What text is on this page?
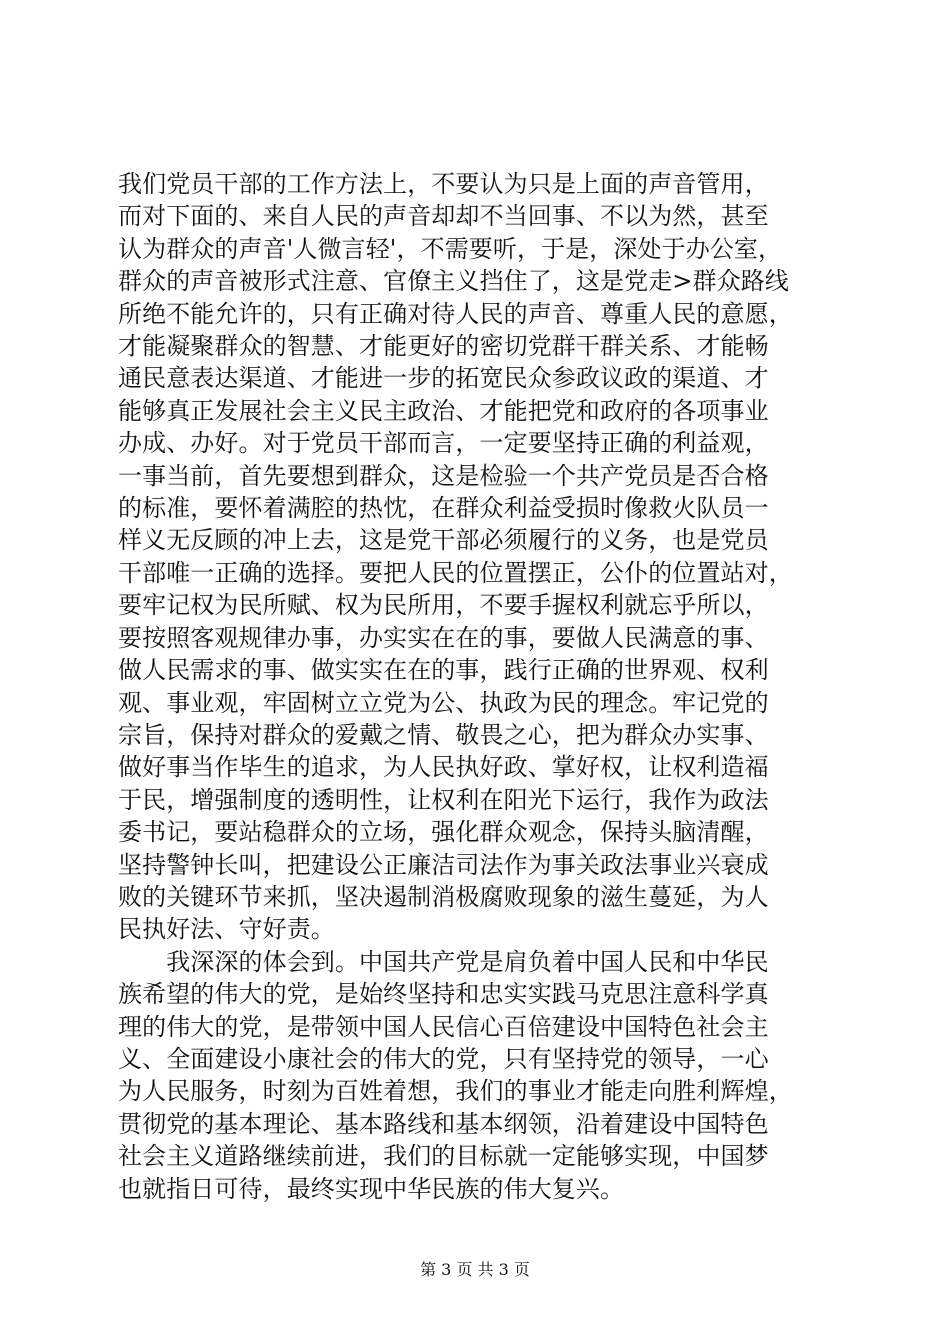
我们党员干部的工作方法上，不要认为只是上面的声音管用，
而对下面的、来自人民的声音却却不当回事、不以为然，甚至
认为群众的声音'人微言轻'，不需要听，于是，深处于办公室，
群众的声音被形式注意、官僚主义挡住了，这是党走>群众路线
所绝不能允许的，只有正确对待人民的声音、尊重人民的意愿，
才能凝聚群众的智慧、才能更好的密切党群干群关系、才能畅
通民意表达渠道、才能进一步的拓宽民众参政议政的渠道、才
能够真正发展社会主义民主政治、才能把党和政府的各项事业
办成、办好。对于党员干部而言，一定要坚持正确的利益观，
一事当前，首先要想到群众，这是检验一个共产党员是否合格
的标准，要怀着满腔的热忱，在群众利益受损时像救火队员一
样义无反顾的冲上去，这是党干部必须履行的义务，也是党员
干部唯一正确的选择。要把人民的位置摆正，公仆的位置站对，
要牢记权为民所赋、权为民所用，不要手握权利就忘乎所以，
要按照客观规律办事，办实实在在的事，要做人民满意的事、
做人民需求的事、做实实在在的事，践行正确的世界观、权利
观、事业观，牢固树立立党为公、执政为民的理念。牢记党的
宗旨，保持对群众的爱戴之情、敬畏之心，把为群众办实事、
做好事当作毕生的追求，为人民执好政、掌好权，让权利造福
于民，增强制度的透明性，让权利在阳光下运行，我作为政法
委书记，要站稳群众的立场，强化群众观念，保持头脑清醒，
坚持警钟长叫，把建设公正廉洁司法作为事关政法事业兴衰成
败的关键环节来抓，坚决遏制消极腐败现象的滋生蔓延，为人
民执好法、守好责。
　　我深深的体会到。中国共产党是肩负着中国人民和中华民
族希望的伟大的党，是始终坚持和忠实实践马克思注意科学真
理的伟大的党，是带领中国人民信心百倍建设中国特色社会主
义、全面建设小康社会的伟大的党，只有坚持党的领导，一心
为人民服务，时刻为百姓着想，我们的事业才能走向胜利辉煌，
贯彻党的基本理论、基本路线和基本纲领，沿着建设中国特色
社会主义道路继续前进，我们的目标就一定能够实现，中国梦
也就指日可待，最终实现中华民族的伟大复兴。
第 3 页 共 3 页
